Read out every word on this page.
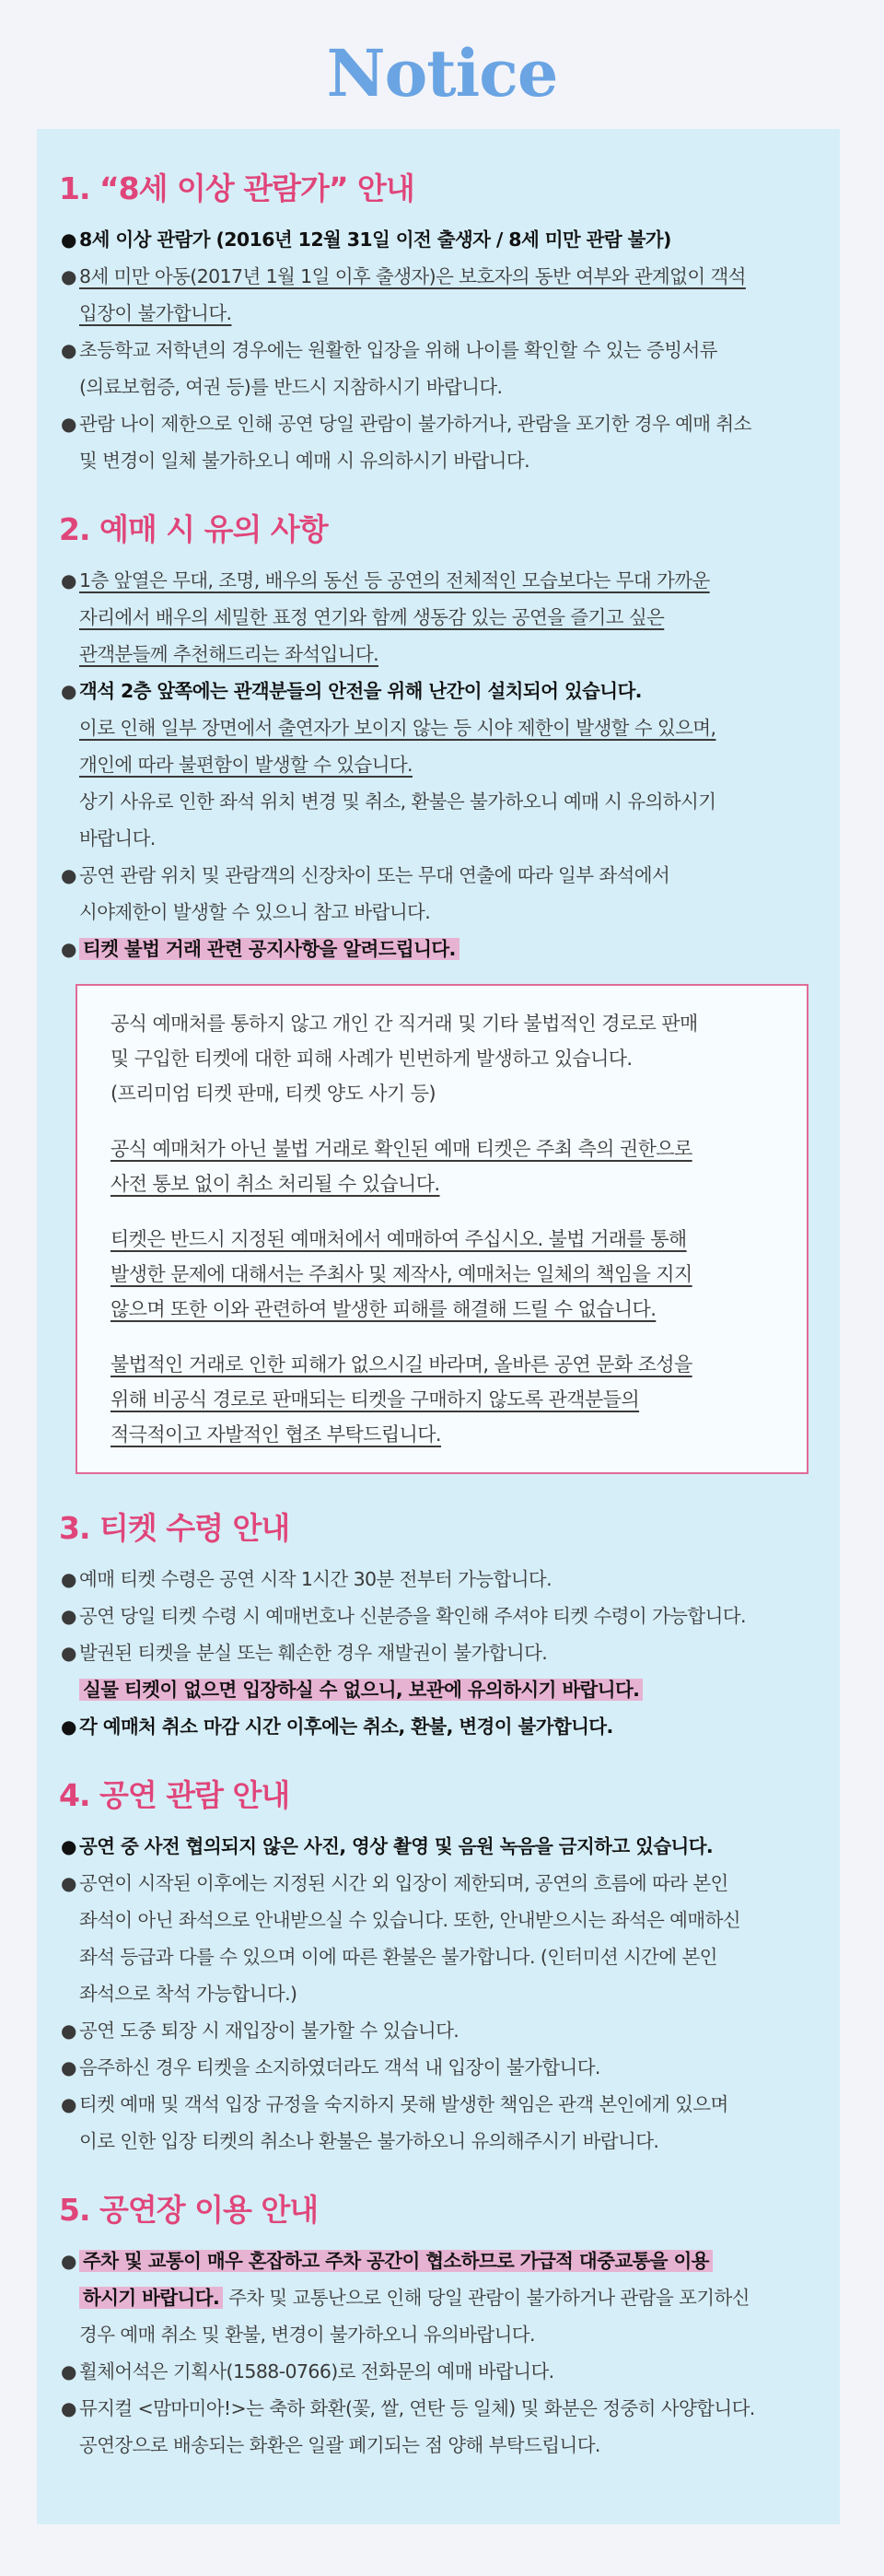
Notice
1. “8세 이상 관람가” 안내
● 8세 이상 관람가 (2016년 12월 31일 이전 출생자 / 8세 미만 관람 불가)
● 8세 미만 아동(2017년 1월 1일 이후 출생자)은 보호자의 동반 여부와 관계없이 객석
입장이 불가합니다.
● 초등학교 저학년의 경우에는 원활한 입장을 위해 나이를 확인할 수 있는 증빙서류
(의료보험증, 여권 등)를 반드시 지참하시기 바랍니다.
● 관람 나이 제한으로 인해 공연 당일 관람이 불가하거나, 관람을 포기한 경우 예매 취소
및 변경이 일체 불가하오니 예매 시 유의하시기 바랍니다.
2. 예매 시 유의 사항
● 1층 앞열은 무대, 조명, 배우의 동선 등 공연의 전체적인 모습보다는 무대 가까운
자리에서 배우의 세밀한 표정 연기와 함께 생동감 있는 공연을 즐기고 싶은
관객분들께 추천해드리는 좌석입니다.
● 객석 2층 앞쪽에는 관객분들의 안전을 위해 난간이 설치되어 있습니다.
이로 인해 일부 장면에서 출연자가 보이지 않는 등 시야 제한이 발생할 수 있으며,
개인에 따라 불편함이 발생할 수 있습니다.
상기 사유로 인한 좌석 위치 변경 및 취소, 환불은 불가하오니 예매 시 유의하시기
바랍니다.
● 공연 관람 위치 및 관람객의 신장차이 또는 무대 연출에 따라 일부 좌석에서
시야제한이 발생할 수 있으니 참고 바랍니다.
● 티켓 불법 거래 관련 공지사항을 알려드립니다.

공식 예매처를 통하지 않고 개인 간 직거래 및 기타 불법적인 경로로 판매
및 구입한 티켓에 대한 피해 사례가 빈번하게 발생하고 있습니다.
(프리미엄 티켓 판매, 티켓 양도 사기 등)

공식 예매처가 아닌 불법 거래로 확인된 예매 티켓은 주최 측의 권한으로
사전 통보 없이 취소 처리될 수 있습니다.

티켓은 반드시 지정된 예매처에서 예매하여 주십시오. 불법 거래를 통해
발생한 문제에 대해서는 주최사 및 제작사, 예매처는 일체의 책임을 지지
않으며 또한 이와 관련하여 발생한 피해를 해결해 드릴 수 없습니다.

불법적인 거래로 인한 피해가 없으시길 바라며, 올바른 공연 문화 조성을
위해 비공식 경로로 판매되는 티켓을 구매하지 않도록 관객분들의
적극적이고 자발적인 협조 부탁드립니다.

3. 티켓 수령 안내
● 예매 티켓 수령은 공연 시작 1시간 30분 전부터 가능합니다.
● 공연 당일 티켓 수령 시 예매번호나 신분증을 확인해 주셔야 티켓 수령이 가능합니다.
● 발권된 티켓을 분실 또는 훼손한 경우 재발권이 불가합니다.
실물 티켓이 없으면 입장하실 수 없으니, 보관에 유의하시기 바랍니다.
● 각 예매처 취소 마감 시간 이후에는 취소, 환불, 변경이 불가합니다.
4. 공연 관람 안내
● 공연 중 사전 협의되지 않은 사진, 영상 촬영 및 음원 녹음을 금지하고 있습니다.
● 공연이 시작된 이후에는 지정된 시간 외 입장이 제한되며, 공연의 흐름에 따라 본인
좌석이 아닌 좌석으로 안내받으실 수 있습니다. 또한, 안내받으시는 좌석은 예매하신
좌석 등급과 다를 수 있으며 이에 따른 환불은 불가합니다. (인터미션 시간에 본인
좌석으로 착석 가능합니다.)
● 공연 도중 퇴장 시 재입장이 불가할 수 있습니다.
● 음주하신 경우 티켓을 소지하였더라도 객석 내 입장이 불가합니다.
● 티켓 예매 및 객석 입장 규정을 숙지하지 못해 발생한 책임은 관객 본인에게 있으며
이로 인한 입장 티켓의 취소나 환불은 불가하오니 유의해주시기 바랍니다.
5. 공연장 이용 안내
● 주차 및 교통이 매우 혼잡하고 주차 공간이 협소하므로 가급적 대중교통을 이용
하시기 바랍니다. 주차 및 교통난으로 인해 당일 관람이 불가하거나 관람을 포기하신
경우 예매 취소 및 환불, 변경이 불가하오니 유의바랍니다.
● 휠체어석은 기획사(1588-0766)로 전화문의 예매 바랍니다.
● 뮤지컬 <맘마미아!>는 축하 화환(꽃, 쌀, 연탄 등 일체) 및 화분은 정중히 사양합니다.
공연장으로 배송되는 화환은 일괄 폐기되는 점 양해 부탁드립니다.
